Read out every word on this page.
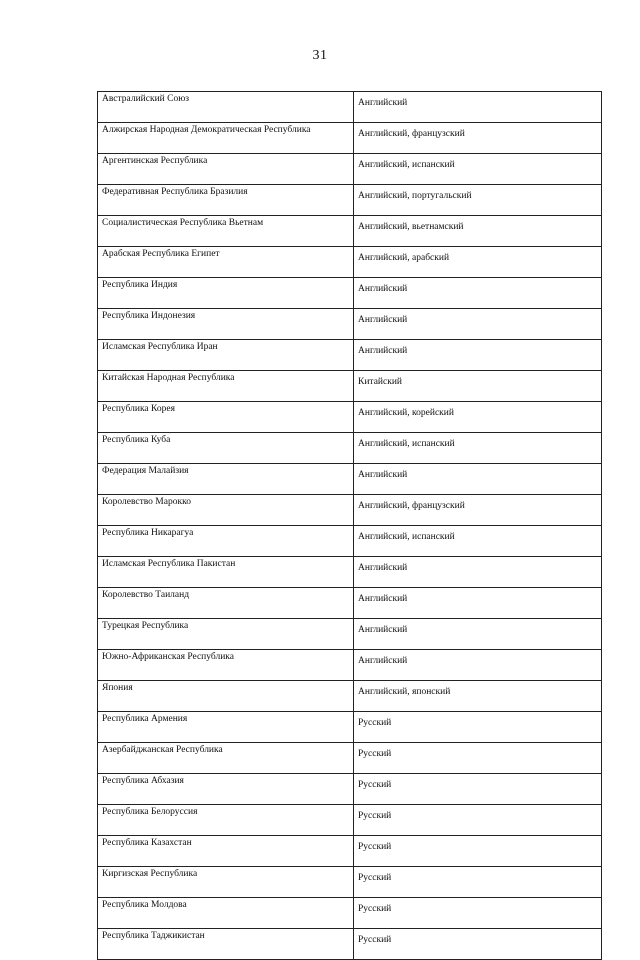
31
Австралийский Союз	Английский
Алжирская Народная Демократическая Республика	Английский, французский
Аргентинская Республика	Английский, испанский
Федеративная Республика Бразилия	Английский, португальский
Социалистическая Республика Вьетнам	Английский, вьетнамский
Арабская Республика Египет	Английский, арабский
Республика Индия	Английский
Республика Индонезия	Английский
Исламская Республика Иран	Английский
Китайская Народная Республика	Китайский
Республика Корея	Английский, корейский
Республика Куба	Английский, испанский
Федерация Малайзия	Английский
Королевство Марокко	Английский, французский
Республика Никарагуа	Английский, испанский
Исламская Республика Пакистан	Английский
Королевство Таиланд	Английский
Турецкая Республика	Английский
Южно-Африканская Республика	Английский
Япония	Английский, японский
Республика Армения	Русский
Азербайджанская Республика	Русский
Республика Абхазия	Русский
Республика Белоруссия	Русский
Республика Казахстан	Русский
Киргизская Республика	Русский
Республика Молдова	Русский
Республика Таджикистан	Русский
